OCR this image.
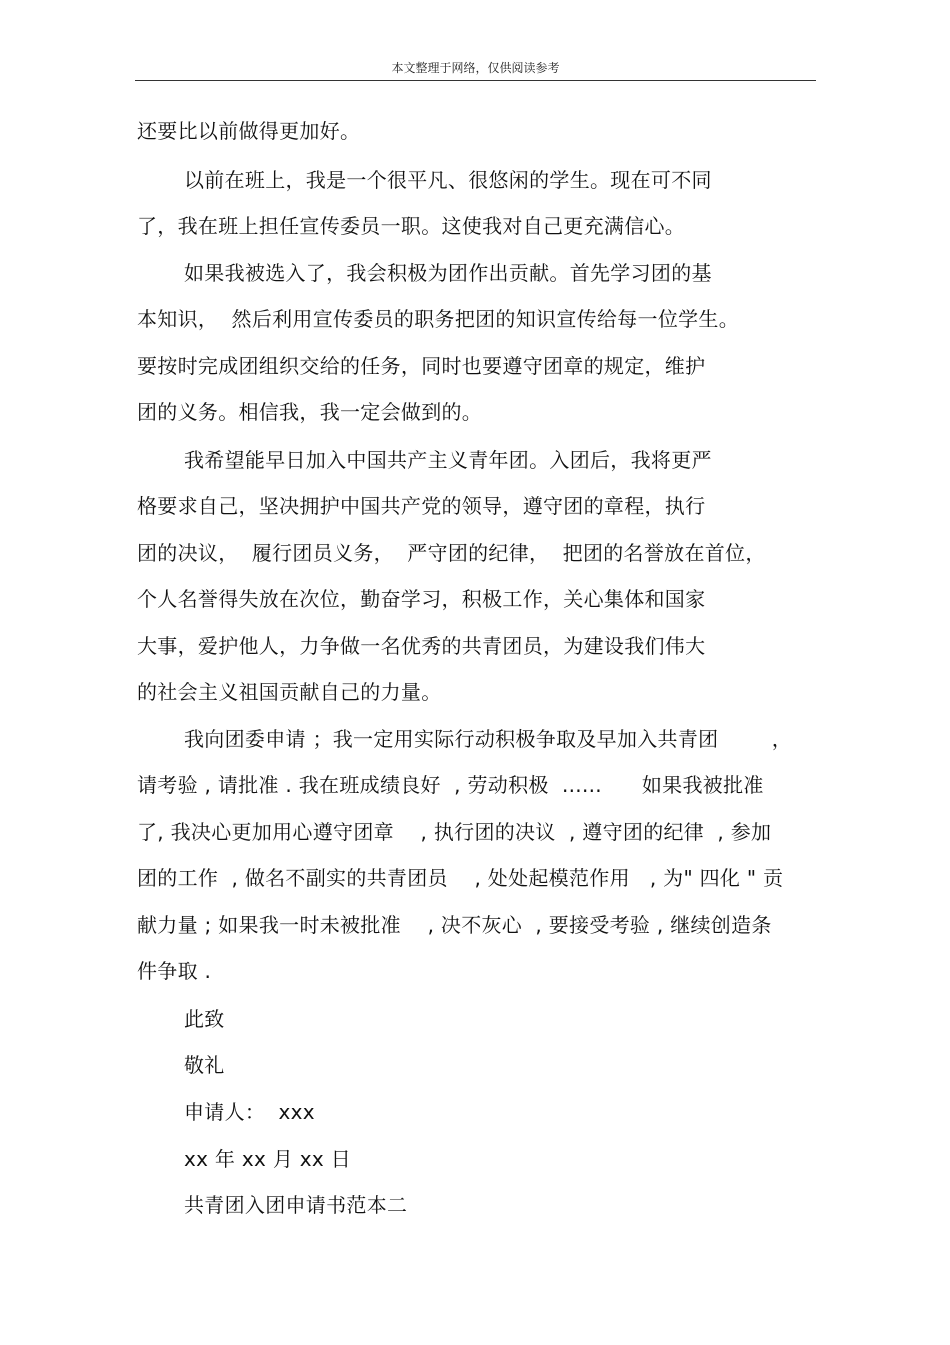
本文整理于网络，仅供阅读参考
还要比以前做得更加好。
以前在班上，我是一个很平凡、很悠闲的学生。现在可不同
了，我在班上担任宣传委员一职。这使我对自己更充满信心。
如果我被选入了，我会积极为团作出贡献。首先学习团的基
本知识，  然后利用宣传委员的职务把团的知识宣传给每一位学生。
要按时完成团组织交给的任务，同时也要遵守团章的规定，维护
团的义务。相信我，我一定会做到的。
我希望能早日加入中国共产主义青年团。入团后，我将更严
格要求自己，坚决拥护中国共产党的领导，遵守团的章程，执行
团的决议，  履行团员义务，  严守团的纪律，  把团的名誉放在首位，
个人名誉得失放在次位，勤奋学习，积极工作，关心集体和国家
大事，爱护他人，力争做一名优秀的共青团员，为建设我们伟大
的社会主义祖国贡献自己的力量。
我向团委申请 ；我一定用实际行动积极争取及早加入共青团        ，
请考验 , 请批准 . 我在班成绩良好  , 劳动积极  ......      如果我被批准
了, 我决心更加用心遵守团章    , 执行团的决议  , 遵守团的纪律  , 参加
团的工作  , 做名不副实的共青团员    , 处处起模范作用   , 为" 四化 " 贡
献力量 ; 如果我一时未被批准    , 决不灰心  , 要接受考验 , 继续创造条
件争取 .
此致
敬礼
申请人：  xxx
xx 年 xx 月 xx 日
共青团入团申请书范本二
